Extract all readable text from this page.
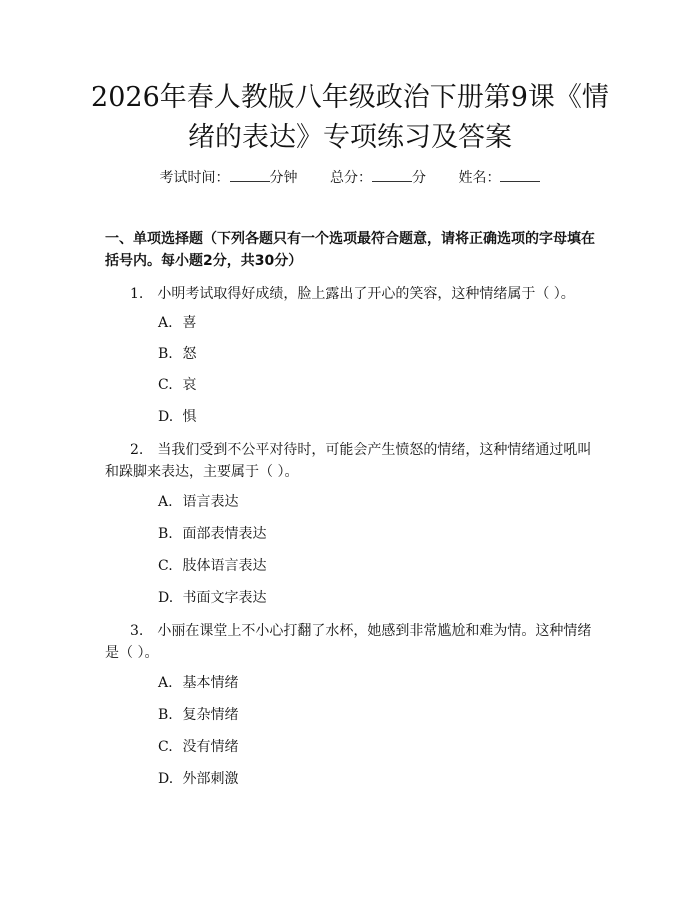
2026年春人教版八年级政治下册第9课《情
绪的表达》专项练习及答案
考试时间：	分钟 总分：	分 姓名：
一、单项选择题（下列各题只有一个选项最符合题意，请将正确选项的字母填在括号内。每小题2分，共30分）
1. 小明考试取得好成绩，脸上露出了开心的笑容，这种情绪属于（ ）。
A. 喜
B. 怒
C. 哀
D. 惧
2. 当我们受到不公平对待时，可能会产生愤怒的情绪，这种情绪通过吼叫和跺脚来表达，主要属于（ ）。
A. 语言表达
B. 面部表情表达
C. 肢体语言表达
D. 书面文字表达
3. 小丽在课堂上不小心打翻了水杯，她感到非常尴尬和难为情。这种情绪是（ ）。
A. 基本情绪
B. 复杂情绪
C. 没有情绪
D. 外部刺激
